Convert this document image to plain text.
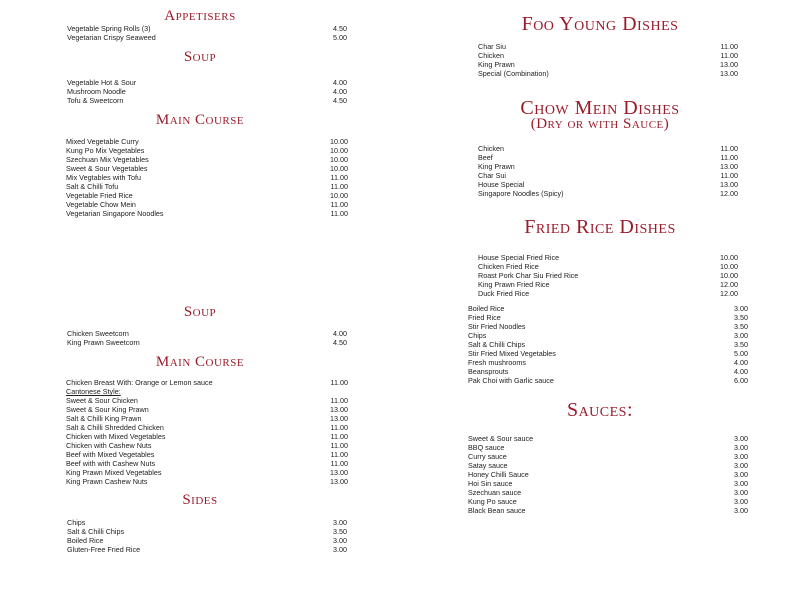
Appetisers
Vegetable Spring Rolls (3)	4.50
Vegetarian Crispy Seaweed	5.00
Soup
Vegetable Hot & Sour	4.00
Mushroom Noodle	4.00
Tofu & Sweetcorn	4.50
Main Course
Mixed Vegetable Curry	10.00
Kung Po Mix Vegetables	10.00
Szechuan Mix Vegetables	10.00
Sweet & Sour Vegetables	10.00
Mix Vegtables with Tofu	11.00
Salt & Chilli Tofu	11.00
Vegetable Fried Rice	10.00
Vegetable Chow Mein	11.00
Vegetarian Singapore Noodles	11.00
Soup
Chicken Sweetcorn	4.00
King Prawn Sweetcorn	4.50
Main Course
Chicken Breast With: Orange or Lemon sauce	11.00
Cantonese Style:
Sweet & Sour Chicken	11.00
Sweet & Sour King Prawn	13.00
Salt & Chilli King Prawn	13.00
Salt & Chilli Shredded Chicken	11.00
Chicken with Mixed Vegetables	11.00
Chicken with Cashew Nuts	11.00
Beef with Mixed Vegetables	11.00
Beef with with Cashew Nuts	11.00
King Prawn Mixed Vegetables	13.00
King Prawn Cashew Nuts	13.00
Sides
Chips	3.00
Salt & Chilli Chips	3.50
Boiled Rice	3.00
Gluten-Free Fried Rice	3.00
Foo Young Dishes
Char Siu	11.00
Chicken	11.00
King Prawn	13.00
Special (Combination)	13.00
Chow Mein Dishes
(Dry or with Sauce)
Chicken	11.00
Beef	11.00
King Prawn	13.00
Char Sui	11.00
House Special	13.00
Singapore Noodles (Spicy)	12.00
Fried Rice Dishes
House Special Fried Rice	10.00
Chicken Fried Rice	10.00
Roast Pork Char Siu Fried Rice	10.00
King Prawn Fried Rice	12.00
Duck Fried Rice	12.00
Boiled Rice	3.00
Fried Rice	3.50
Stir Fried Noodles	3.50
Chips	3.00
Salt & Chilli Chips	3.50
Stir Fried Mixed Vegetables	5.00
Fresh mushrooms	4.00
Beansprouts	4.00
Pak Choi with Garlic sauce	6.00
Sauces:
Sweet & Sour sauce	3.00
BBQ sauce	3.00
Curry sauce	3.00
Satay sauce	3.00
Honey Chilli Sauce	3.00
Hoi Sin sauce	3.00
Szechuan sauce	3.00
Kung Po sauce	3.00
Black Bean sauce	3.00
